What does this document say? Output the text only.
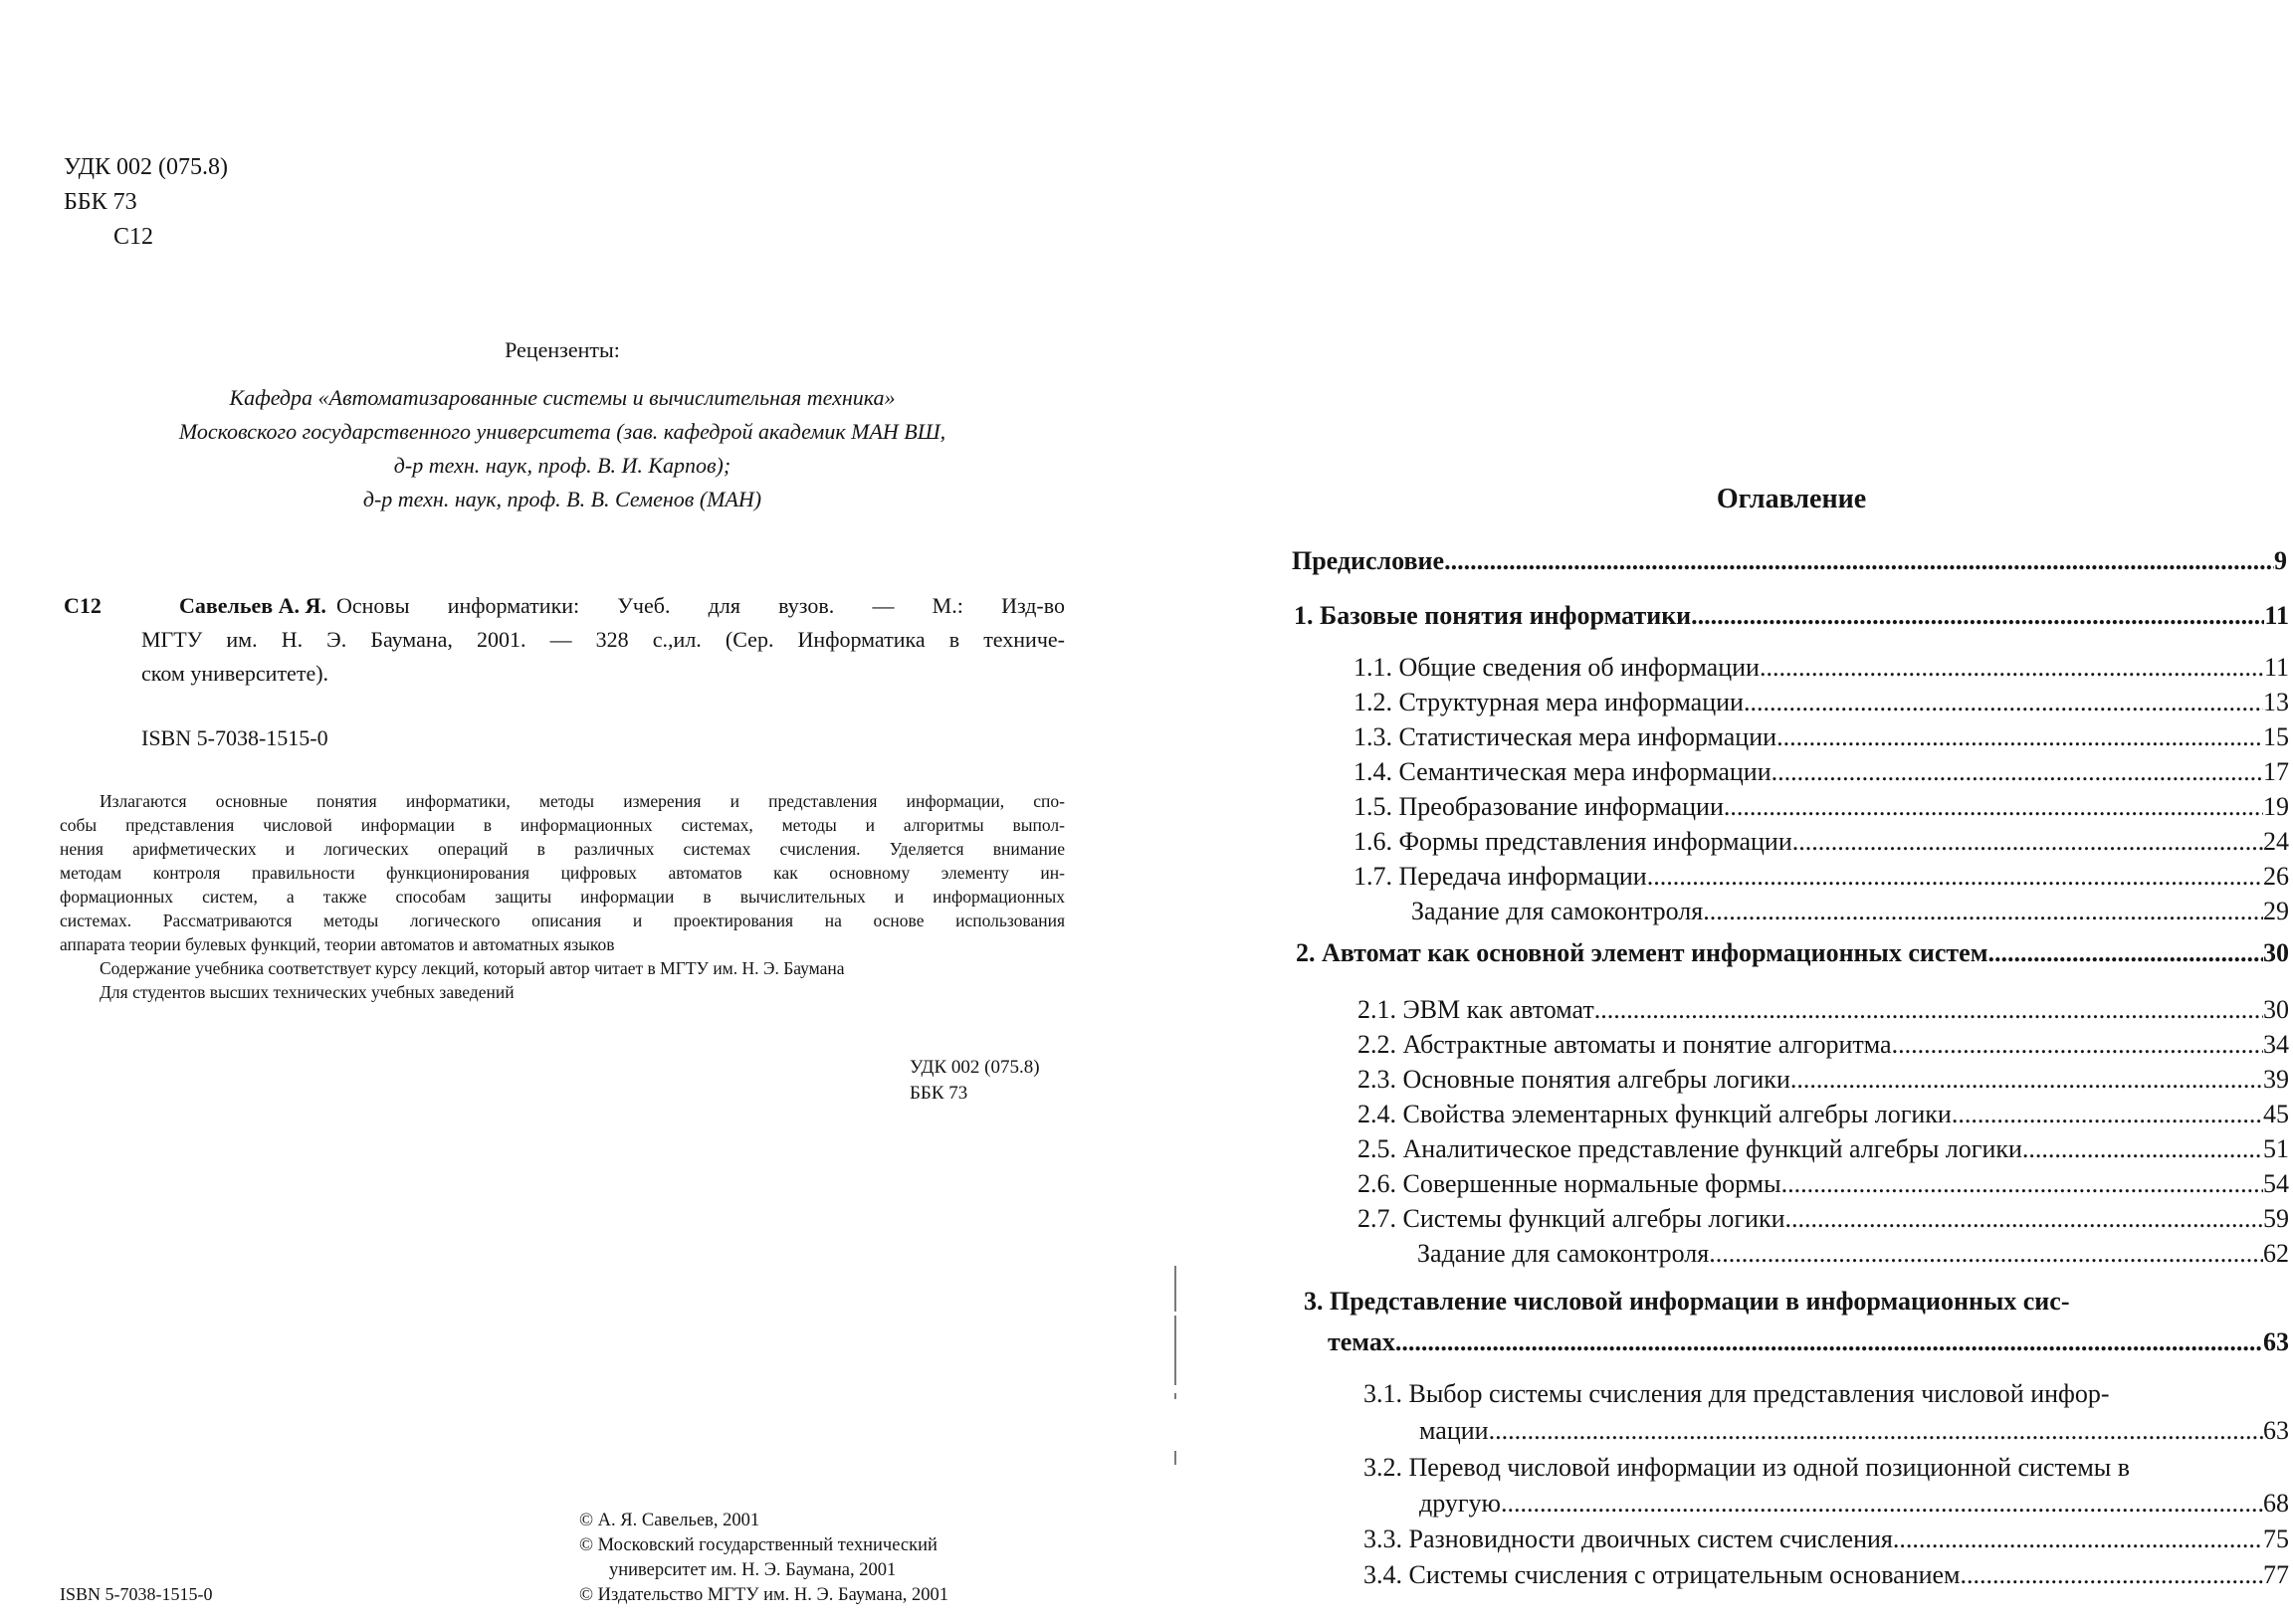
УДК 002 (075.8)
ББК 73
С12
Рецензенты:
Кафедра «Автоматизарованные системы и вычислительная техника»
Московского государственного университета (зав. кафедрой академик МАН ВШ,
д-р техн. наук, проф. В. И. Карпов);
д-р техн. наук, проф. В. В. Семенов (МАН)
С12	Савельев А. Я. Основы информатики: Учеб. для вузов. — М.: Изд-во
МГТУ им. Н. Э. Баумана, 2001. — 328 с.,ил. (Сер. Информатика в техниче-
ском университете).
ISBN 5-7038-1515-0
Излагаются основные понятия информатики, методы измерения и представления информации, спо-
собы представления числовой информации в информационных системах, методы и алгоритмы выпол-
нения арифметических и логических операций в различных системах счисления. Уделяется внимание
методам контроля правильности функционирования цифровых автоматов как основному элементу ин-
формационных систем, а также способам защиты информации в вычислительных и информационных
системах. Рассматриваются методы логического описания и проектирования на основе использования
аппарата теории булевых функций, теории автоматов и автоматных языков
Содержание учебника соответствует курсу лекций, который автор читает в МГТУ им. Н. Э. Баумана
Для студентов высших технических учебных заведений
УДК 002 (075.8)
ББК 73
ISBN 5-7038-1515-0
© А. Я. Савельев, 2001
© Московский государственный технический
университет им. Н. Э. Баумана, 2001
© Издательство МГТУ им. Н. Э. Баумана, 2001
Оглавление
Предисловие .....	9
1. Базовые понятия информатики .....	11
1.1. Общие сведения об информации .....	11
1.2. Структурная мера информации .....	13
1.3. Статистическая мера информации .....	15
1.4. Семантическая мера информации .....	17
1.5. Преобразование информации .....	19
1.6. Формы представления информации .....	24
1.7. Передача информации .....	26
Задание для самоконтроля .....	29
2. Автомат как основной элемент информационных систем .....	30
2.1. ЭВМ как автомат .....	30
2.2. Абстрактные автоматы и понятие алгоритма .....	34
2.3. Основные понятия алгебры логики .....	39
2.4. Свойства элементарных функций алгебры логики .....	45
2.5. Аналитическое представление функций алгебры логики .....	51
2.6. Совершенные нормальные формы .....	54
2.7. Системы функций алгебры логики .....	59
Задание для самоконтроля .....	62
3. Представление числовой информации в информационных сис-
темах .....	63
3.1. Выбор системы счисления для представления числовой инфор-
мации .....	63
3.2. Перевод числовой информации из одной позиционной системы в
другую .....	68
3.3. Разновидности двоичных систем счисления .....	75
3.4. Системы счисления с отрицательным основанием .....	77
